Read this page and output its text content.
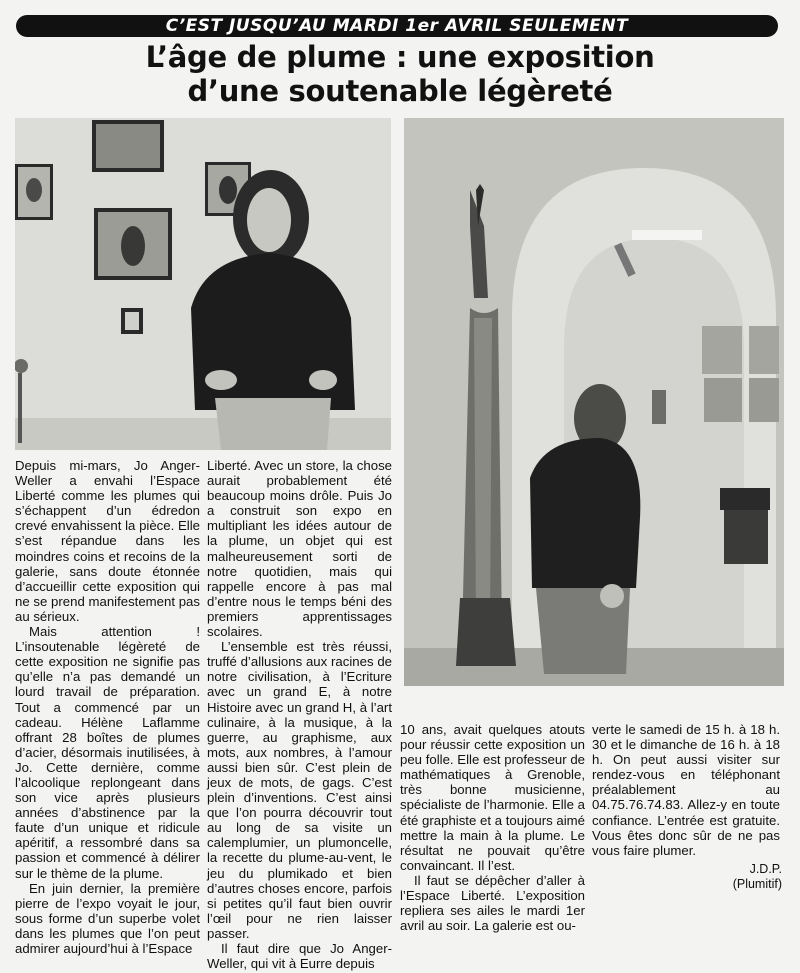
C’EST JUSQU’AU MARDI 1er AVRIL SEULEMENT
L’âge de plume : une exposition
d’une soutenable légèreté

Depuis mi-mars, Jo Anger-Weller a envahi l’Espace Liberté comme les plumes qui s’échappent d’un édredon crevé envahissent la pièce. Elle s’est répandue dans les moindres coins et recoins de la galerie, sans doute étonnée d’accueillir cette exposition qui ne se prend manifestement pas au sérieux.

Mais attention ! L’insoutenable légèreté de cette exposition ne signifie pas qu’elle n’a pas demandé un lourd travail de préparation. Tout a commencé par un cadeau. Hélène Laflamme offrant 28 boîtes de plumes d’acier, désormais inutilisées, à Jo. Cette dernière, comme l’alcoolique replongeant dans son vice après plusieurs années d’abstinence par la faute d’un unique et ridicule apéritif, a ressombré dans sa passion et commencé à délirer sur le thème de la plume.

En juin dernier, la première pierre de l’expo voyait le jour, sous forme d’un superbe volet dans les plumes que l’on peut admirer aujourd’hui à l’Espace

Liberté. Avec un store, la chose aurait probablement été beaucoup moins drôle. Puis Jo a construit son expo en multipliant les idées autour de la plume, un objet qui est malheureusement sorti de notre quotidien, mais qui rappelle encore à pas mal d’entre nous le temps béni des premiers apprentissages scolaires.

L’ensemble est très réussi, truffé d’allusions aux racines de notre civilisation, à l’Ecriture avec un grand E, à notre Histoire avec un grand H, à l’art culinaire, à la musique, à la guerre, au graphisme, aux mots, aux nombres, à l’amour aussi bien sûr. C’est plein de jeux de mots, de gags. C’est plein d’inventions. C’est ainsi que l’on pourra découvrir tout au long de sa visite un calemplumier, un plumoncelle, la recette du plume-au-vent, le jeu du plumikado et bien d’autres choses encore, parfois si petites qu’il faut bien ouvrir l’œil pour ne rien laisser passer.

Il faut dire que Jo Anger-Weller, qui vit à Eurre depuis

10 ans, avait quelques atouts pour réussir cette exposition un peu folle. Elle est professeur de mathématiques à Grenoble, très bonne musicienne, spécialiste de l’harmonie. Elle a été graphiste et a toujours aimé mettre la main à la plume. Le résultat ne pouvait qu’être convaincant. Il l’est.

Il faut se dépêcher d’aller à l’Espace Liberté. L’exposition repliera ses ailes le mardi 1er avril au soir. La galerie est ou-

verte le samedi de 15 h. à 18 h. 30 et le dimanche de 16 h. à 18 h. On peut aussi visiter sur rendez-vous en téléphonant préalablement au 04.75.76.74.83. Allez-y en toute confiance. L’entrée est gratuite. Vous êtes donc sûr de ne pas vous faire plumer.

J.D.P.
(Plumitif)
